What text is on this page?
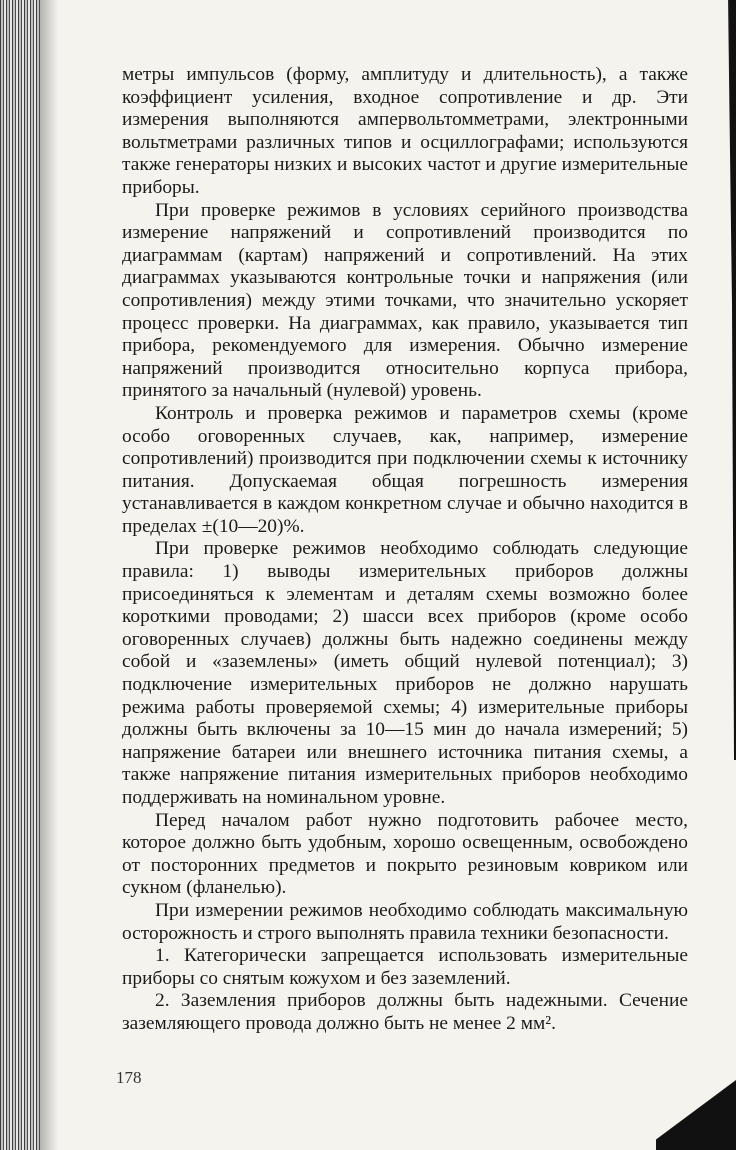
метры импульсов (форму, амплитуду и длительность), а также коэффициент усиления, входное сопротивление и др. Эти измерения выполняются ампервольтомметрами, электронными вольтметрами различных типов и осциллографами; используются также генераторы низких и высоких частот и другие измерительные приборы.

При проверке режимов в условиях серийного производства измерение напряжений и сопротивлений производится по диаграммам (картам) напряжений и сопротивлений. На этих диаграммах указываются контрольные точки и напряжения (или сопротивления) между этими точками, что значительно ускоряет процесс проверки. На диаграммах, как правило, указывается тип прибора, рекомендуемого для измерения. Обычно измерение напряжений производится относительно корпуса прибора, принятого за начальный (нулевой) уровень.

Контроль и проверка режимов и параметров схемы (кроме особо оговоренных случаев, как, например, измерение сопротивлений) производится при подключении схемы к источнику питания. Допускаемая общая погрешность измерения устанавливается в каждом конкретном случае и обычно находится в пределах ±(10—20)%.

При проверке режимов необходимо соблюдать следующие правила: 1) выводы измерительных приборов должны присоединяться к элементам и деталям схемы возможно более короткими проводами; 2) шасси всех приборов (кроме особо оговоренных случаев) должны быть надежно соединены между собой и «заземлены» (иметь общий нулевой потенциал); 3) подключение измерительных приборов не должно нарушать режима работы проверяемой схемы; 4) измерительные приборы должны быть включены за 10—15 мин до начала измерений; 5) напряжение батареи или внешнего источника питания схемы, а также напряжение питания измерительных приборов необходимо поддерживать на номинальном уровне.

Перед началом работ нужно подготовить рабочее место, которое должно быть удобным, хорошо освещенным, освобождено от посторонних предметов и покрыто резиновым ковриком или сукном (фланелью).

При измерении режимов необходимо соблюдать максимальную осторожность и строго выполнять правила техники безопасности.

1. Категорически запрещается использовать измерительные приборы со снятым кожухом и без заземлений.

2. Заземления приборов должны быть надежными. Сечение заземляющего провода должно быть не менее 2 мм².

178
